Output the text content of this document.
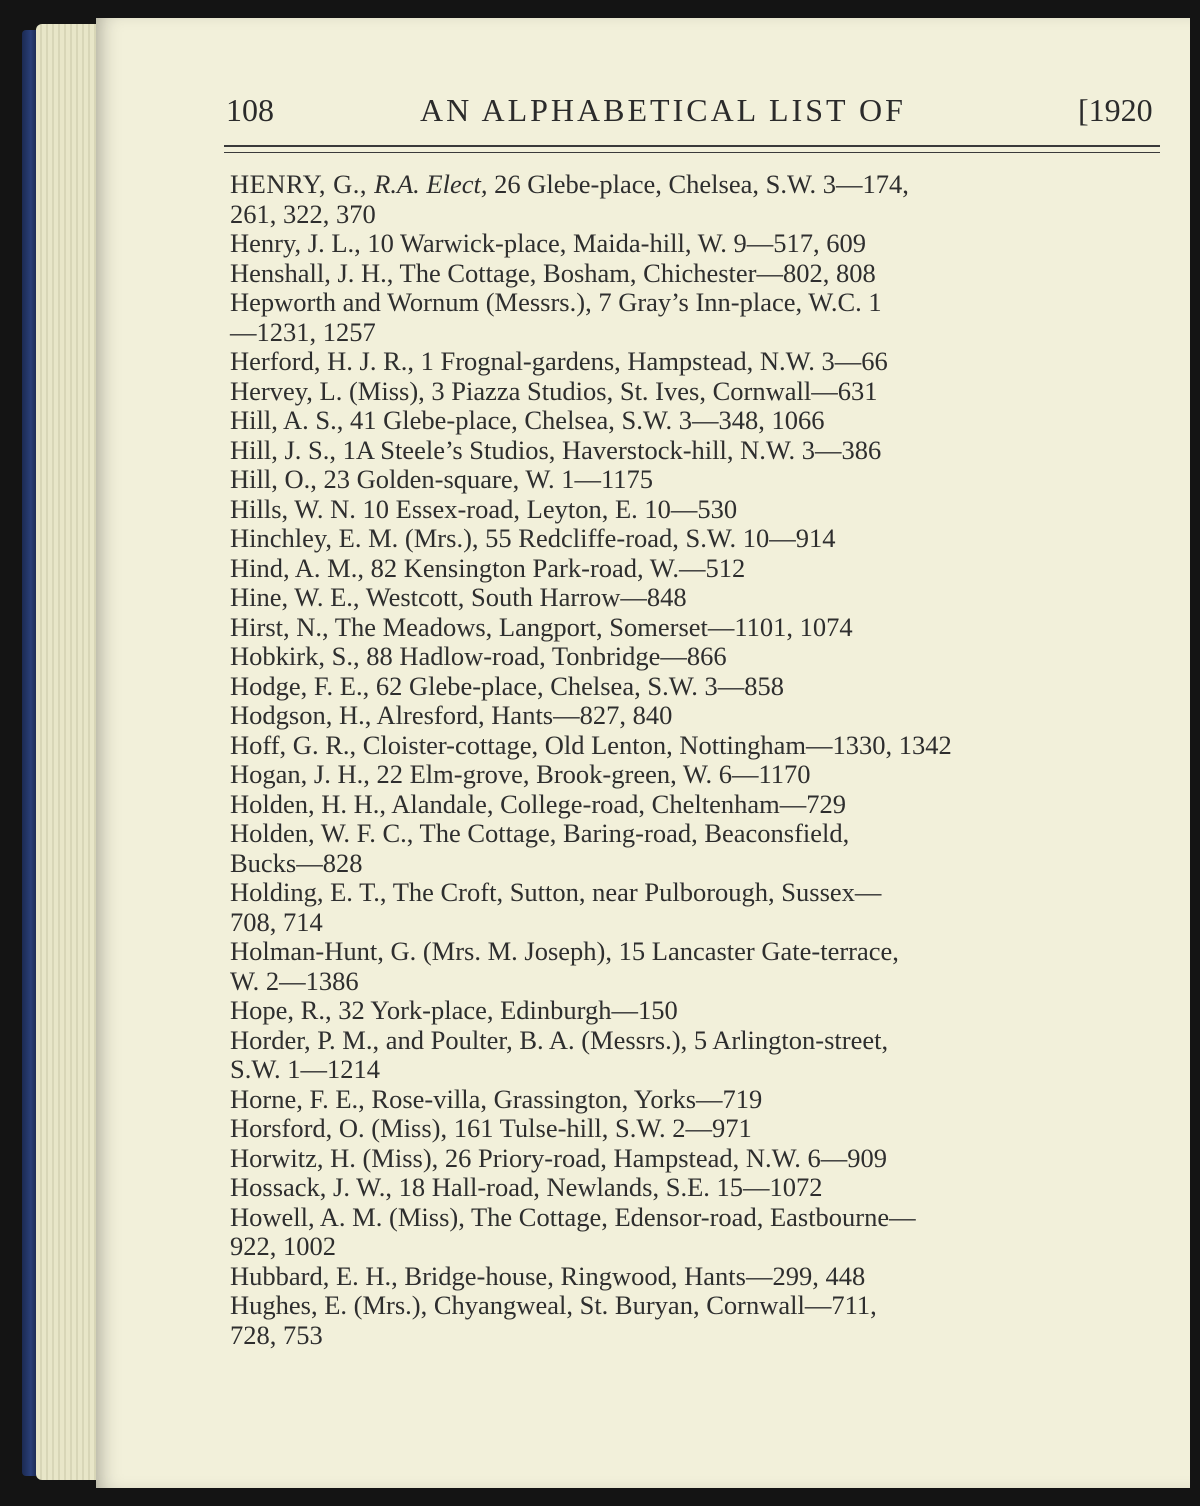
108	AN ALPHABETICAL LIST OF	[1920

HENRY, G., R.A. Elect, 26 Glebe-place, Chelsea, S.W. 3—174,
261, 322, 370

Henry, J. L., 10 Warwick-place, Maida-hill, W. 9—517, 609

Henshall, J. H., The Cottage, Bosham, Chichester—802, 808

Hepworth and Wornum (Messrs.), 7 Gray’s Inn-place, W.C. 1
—1231, 1257

Herford, H. J. R., 1 Frognal-gardens, Hampstead, N.W. 3—66

Hervey, L. (Miss), 3 Piazza Studios, St. Ives, Cornwall—631

Hill, A. S., 41 Glebe-place, Chelsea, S.W. 3—348, 1066

Hill, J. S., 1A Steele’s Studios, Haverstock-hill, N.W. 3—386

Hill, O., 23 Golden-square, W. 1—1175

Hills, W. N. 10 Essex-road, Leyton, E. 10—530

Hinchley, E. M. (Mrs.), 55 Redcliffe-road, S.W. 10—914

Hind, A. M., 82 Kensington Park-road, W.—512

Hine, W. E., Westcott, South Harrow—848

Hirst, N., The Meadows, Langport, Somerset—1101, 1074

Hobkirk, S., 88 Hadlow-road, Tonbridge—866

Hodge, F. E., 62 Glebe-place, Chelsea, S.W. 3—858

Hodgson, H., Alresford, Hants—827, 840

Hoff, G. R., Cloister-cottage, Old Lenton, Nottingham—1330, 1342

Hogan, J. H., 22 Elm-grove, Brook-green, W. 6—1170

Holden, H. H., Alandale, College-road, Cheltenham—729

Holden, W. F. C., The Cottage, Baring-road, Beaconsfield,
Bucks—828

Holding, E. T., The Croft, Sutton, near Pulborough, Sussex—
708, 714

Holman-Hunt, G. (Mrs. M. Joseph), 15 Lancaster Gate-terrace,
W. 2—1386

Hope, R., 32 York-place, Edinburgh—150

Horder, P. M., and Poulter, B. A. (Messrs.), 5 Arlington-street,
S.W. 1—1214

Horne, F. E., Rose-villa, Grassington, Yorks—719

Horsford, O. (Miss), 161 Tulse-hill, S.W. 2—971

Horwitz, H. (Miss), 26 Priory-road, Hampstead, N.W. 6—909

Hossack, J. W., 18 Hall-road, Newlands, S.E. 15—1072

Howell, A. M. (Miss), The Cottage, Edensor-road, Eastbourne—
922, 1002

Hubbard, E. H., Bridge-house, Ringwood, Hants—299, 448

Hughes, E. (Mrs.), Chyangweal, St. Buryan, Cornwall—711,
728, 753
